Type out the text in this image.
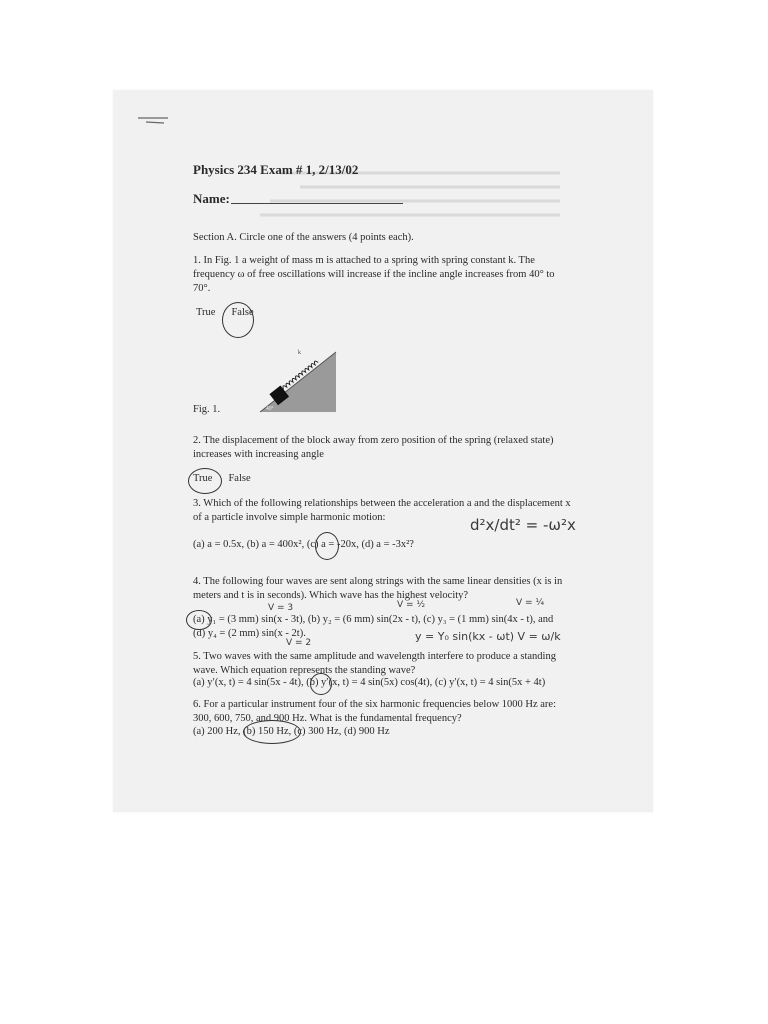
Physics 234 Exam # 1, 2/13/02
Name:
Section A. Circle one of the answers (4 points each).
1. In Fig. 1 a weight of mass m is attached to a spring with spring constant k. The frequency ω of free oscillations will increase if the incline angle increases from 40° to 70°.
True False
k
40°
Fig. 1.
2. The displacement of the block away from zero position of the spring (relaxed state) increases with increasing angle
True False
3. Which of the following relationships between the acceleration a and the displacement x of a particle involve simple harmonic motion:
(a) a = 0.5x, (b) a = 400x², (c) a = -20x, (d) a = -3x²?
d²x/dt² = -ω²x
4. The following four waves are sent along strings with the same linear densities (x is in meters and t is in seconds). Which wave has the highest velocity?
V = 3	V = ½	V = ¼
(a) y₁ = (3 mm) sin(x - 3t), (b) y₂ = (6 mm) sin(2x - t), (c) y₃ = (1 mm) sin(4x - t), and
(d) y₄ = (2 mm) sin(x - 2t).
V = 2	y = Y₀ sin(kx - ωt) V = ω/k
5. Two waves with the same amplitude and wavelength interfere to produce a standing wave. Which equation represents the standing wave?
(a) y′(x, t) = 4 sin(5x - 4t), (b) y′(x, t) = 4 sin(5x) cos(4t), (c) y′(x, t) = 4 sin(5x + 4t)
6. For a particular instrument four of the six harmonic frequencies below 1000 Hz are: 300, 600, 750, and 900 Hz. What is the fundamental frequency?
(a) 200 Hz, (b) 150 Hz, (c) 300 Hz, (d) 900 Hz
